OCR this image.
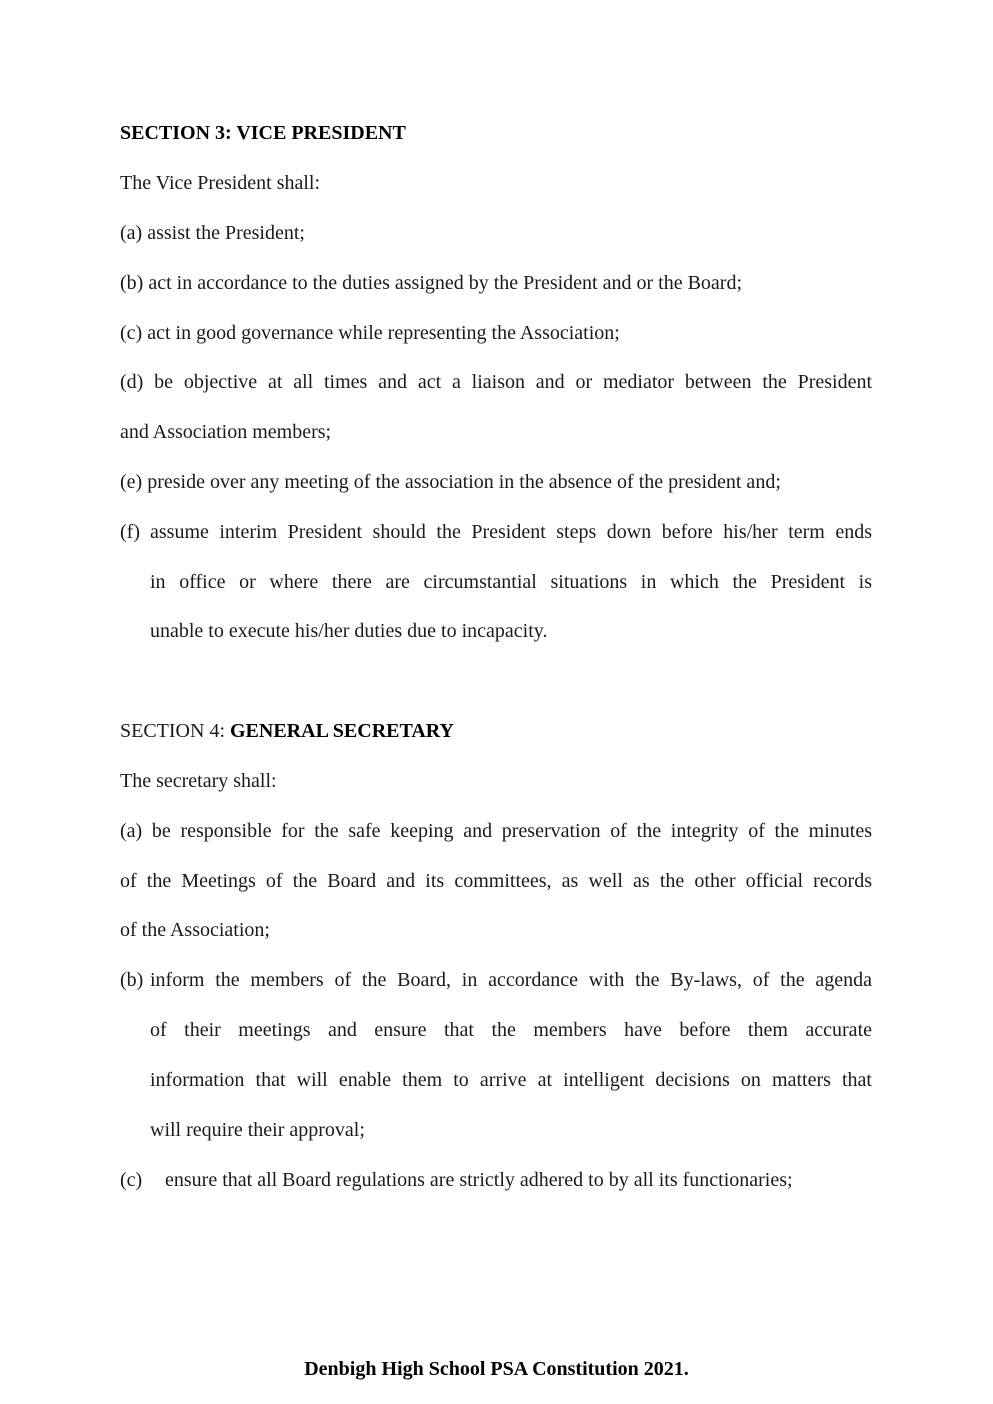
SECTION 3: VICE PRESIDENT
The Vice President shall:
(a) assist the President;
(b) act in accordance to the duties assigned by the President and or the Board;
(c) act in good governance while representing the Association;
(d) be objective at all times and act a liaison and or mediator between the President
and Association members;
(e) preside over any meeting of the association in the absence of the president and;
(f) assume interim President should the President steps down before his/her term ends
in office or where there are circumstantial situations in which the President is
unable to execute his/her duties due to incapacity.
SECTION 4: GENERAL SECRETARY
The secretary shall:
(a) be responsible for the safe keeping and preservation of the integrity of the minutes
of the Meetings of the Board and its committees, as well as the other official records
of the Association;
(b) inform the members of the Board, in accordance with the By-laws, of the agenda
of their meetings and ensure that the members have before them accurate
information that will enable them to arrive at intelligent decisions on matters that
will require their approval;
(c) ensure that all Board regulations are strictly adhered to by all its functionaries;
Denbigh High School PSA Constitution 2021.
